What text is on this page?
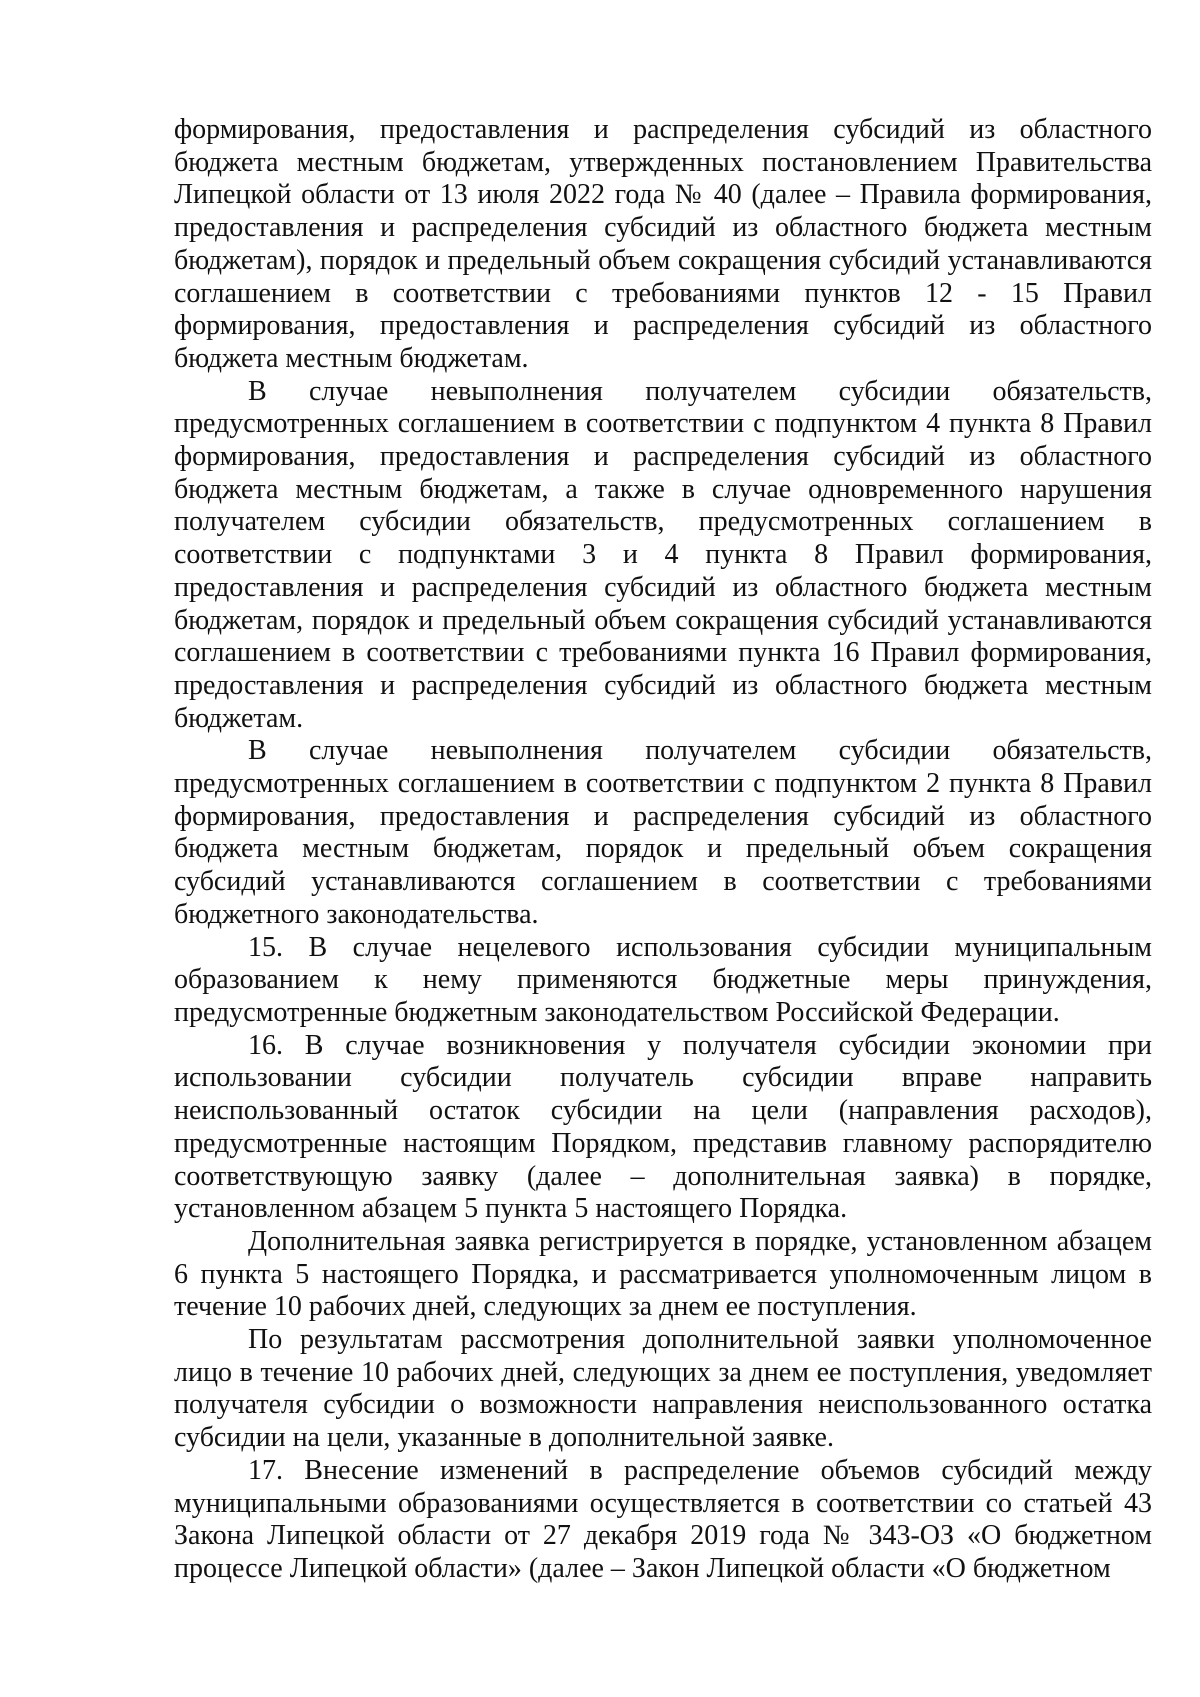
формирования, предоставления и распределения субсидий из областного бюджета местным бюджетам, утвержденных постановлением Правительства Липецкой области от 13 июля 2022 года № 40 (далее – Правила формирования, предоставления и распределения субсидий из областного бюджета местным бюджетам), порядок и предельный объем сокращения субсидий устанавливаются соглашением в соответствии с требованиями пунктов 12 - 15 Правил формирования, предоставления и распределения субсидий из областного бюджета местным бюджетам.

В случае невыполнения получателем субсидии обязательств, предусмотренных соглашением в соответствии с подпунктом 4 пункта 8 Правил формирования, предоставления и распределения субсидий из областного бюджета местным бюджетам, а также в случае одновременного нарушения получателем субсидии обязательств, предусмотренных соглашением в соответствии с подпунктами 3 и 4 пункта 8 Правил формирования, предоставления и распределения субсидий из областного бюджета местным бюджетам, порядок и предельный объем сокращения субсидий устанавливаются соглашением в соответствии с требованиями пункта 16 Правил формирования, предоставления и распределения субсидий из областного бюджета местным бюджетам.

В случае невыполнения получателем субсидии обязательств, предусмотренных соглашением в соответствии с подпунктом 2 пункта 8 Правил формирования, предоставления и распределения субсидий из областного бюджета местным бюджетам, порядок и предельный объем сокращения субсидий устанавливаются соглашением в соответствии с требованиями бюджетного законодательства.

15. В случае нецелевого использования субсидии муниципальным образованием к нему применяются бюджетные меры принуждения, предусмотренные бюджетным законодательством Российской Федерации.

16. В случае возникновения у получателя субсидии экономии при использовании субсидии получатель субсидии вправе направить неиспользованный остаток субсидии на цели (направления расходов), предусмотренные настоящим Порядком, представив главному распорядителю соответствующую заявку (далее – дополнительная заявка) в порядке, установленном абзацем 5 пункта 5 настоящего Порядка.

Дополнительная заявка регистрируется в порядке, установленном абзацем 6 пункта 5 настоящего Порядка, и рассматривается уполномоченным лицом в течение 10 рабочих дней, следующих за днем ее поступления.

По результатам рассмотрения дополнительной заявки уполномоченное лицо в течение 10 рабочих дней, следующих за днем ее поступления, уведомляет получателя субсидии о возможности направления неиспользованного остатка субсидии на цели, указанные в дополнительной заявке.

17. Внесение изменений в распределение объемов субсидий между муниципальными образованиями осуществляется в соответствии со статьей 43 Закона Липецкой области от 27 декабря 2019 года № 343-ОЗ «О бюджетном процессе Липецкой области» (далее – Закон Липецкой области «О бюджетном
